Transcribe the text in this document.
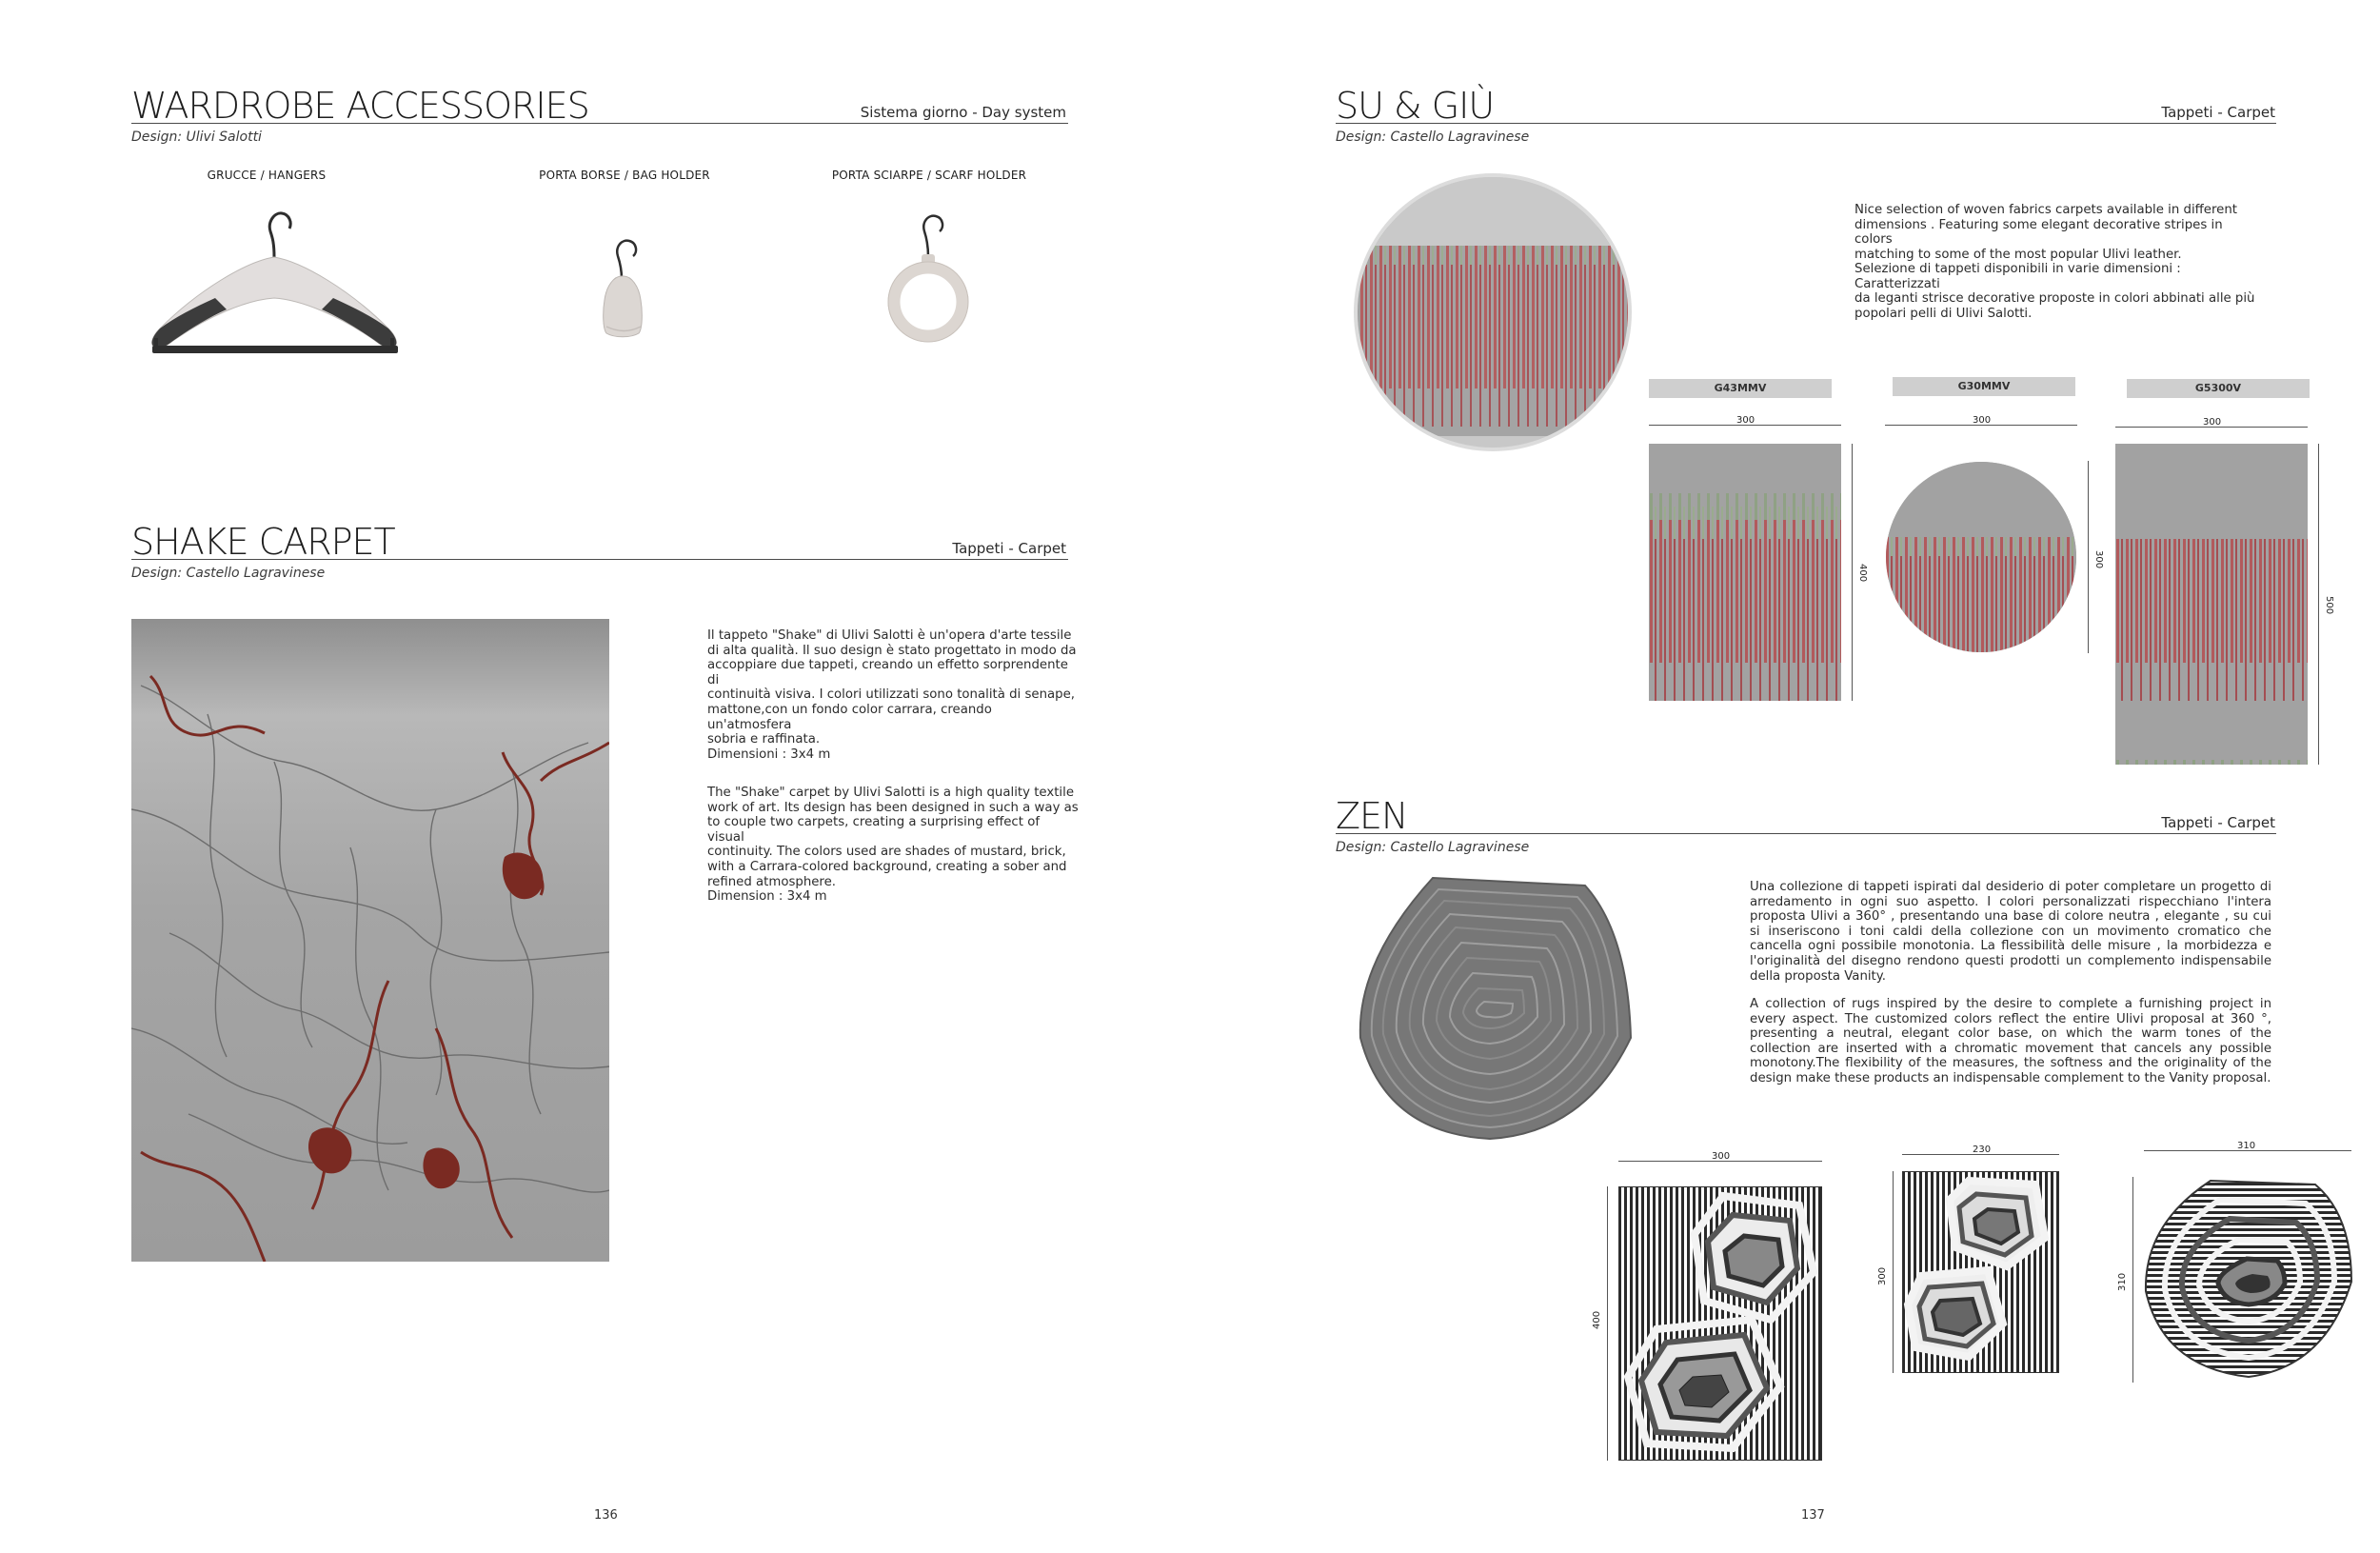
WARDROBE ACCESSORIES	Sistema giorno - Day system
Design: Ulivi Salotti
GRUCCE / HANGERS	PORTA BORSE / BAG HOLDER	PORTA SCIARPE / SCARF HOLDER
SHAKE CARPET	Tappeti - Carpet
Design: Castello Lagravinese

Il tappeto "Shake" di Ulivi Salotti è un'opera d'arte tessile

di alta qualità. Il suo design è stato progettato in modo da

accoppiare due tappeti, creando un effetto sorprendente di

continuità visiva. I colori utilizzati sono tonalità di senape,

mattone,con un fondo color carrara, creando un'atmosfera

sobria e raffinata.

Dimensioni : 3x4 m

The "Shake" carpet by Ulivi Salotti is a high quality textile

work of art. Its design has been designed in such a way as

to couple two carpets, creating a surprising effect of visual

continuity. The colors used are shades of mustard, brick,

with a Carrara-colored background, creating a sober and

refined atmosphere.

Dimension : 3x4 m

136
SU & GIÙ	Tappeti - Carpet
Design: Castello Lagravinese

Nice selection of woven fabrics carpets available in different

dimensions . Featuring some elegant decorative stripes in colors

matching to some of the most popular Ulivi leather.

Selezione di tappeti disponibili in varie dimensioni : Caratterizzati

da leganti strisce decorative proposte in colori abbinati alle più

popolari pelli di Ulivi Salotti.

G43MMV	G30MMV	G5300V
300
400
300
300
300
500
ZEN	Tappeti - Carpet
Design: Castello Lagravinese
Una collezione di tappeti ispirati dal desiderio di poter completare un progetto di arredamento in ogni suo aspetto. I colori personalizzati rispecchiano l'intera proposta Ulivi a 360° , presentando una base di colore neutra , elegante , su cui si inseriscono i toni caldi della collezione con un movimento cromatico che cancella ogni possibile monotonia. La flessibilità delle misure , la morbidezza e l'originalità del disegno rendono questi prodotti un complemento indispensabile della proposta Vanity.
A collection of rugs inspired by the desire to complete a furnishing project in every aspect. The customized colors reflect the entire Ulivi proposal at 360 °, presenting a neutral, elegant color base, on which the warm tones of the collection are inserted with a chromatic movement that cancels any possible monotony.The flexibility of the measures, the softness and the originality of the design make these products an indispensable complement to the Vanity proposal.
300
400
230
300
310
310
137
